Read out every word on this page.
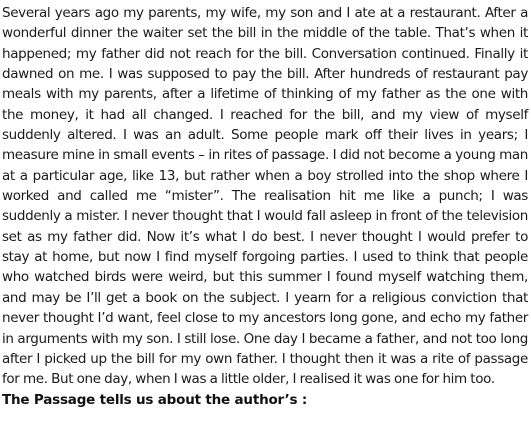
Several years ago my parents, my wife, my son and I ate at a restaurant. After a
wonderful dinner the waiter set the bill in the middle of the table. That’s when it
happened; my father did not reach for the bill. Conversation continued. Finally it
dawned on me. I was supposed to pay the bill. After hundreds of restaurant pay
meals with my parents, after a lifetime of thinking of my father as the one with
the money, it had all changed. I reached for the bill, and my view of myself
suddenly altered. I was an adult. Some people mark off their lives in years; I
measure mine in small events – in rites of passage. I did not become a young man
at a particular age, like 13, but rather when a boy strolled into the shop where I
worked and called me “mister”. The realisation hit me like a punch; I was
suddenly a mister. I never thought that I would fall asleep in front of the television
set as my father did. Now it’s what I do best. I never thought I would prefer to
stay at home, but now I find myself forgoing parties. I used to think that people
who watched birds were weird, but this summer I found myself watching them,
and may be I’ll get a book on the subject. I yearn for a religious conviction that
never thought I’d want, feel close to my ancestors long gone, and echo my father
in arguments with my son. I still lose. One day I became a father, and not too long
after I picked up the bill for my own father. I thought then it was a rite of passage
for me. But one day, when I was a little older, I realised it was one for him too.
The Passage tells us about the author’s :
